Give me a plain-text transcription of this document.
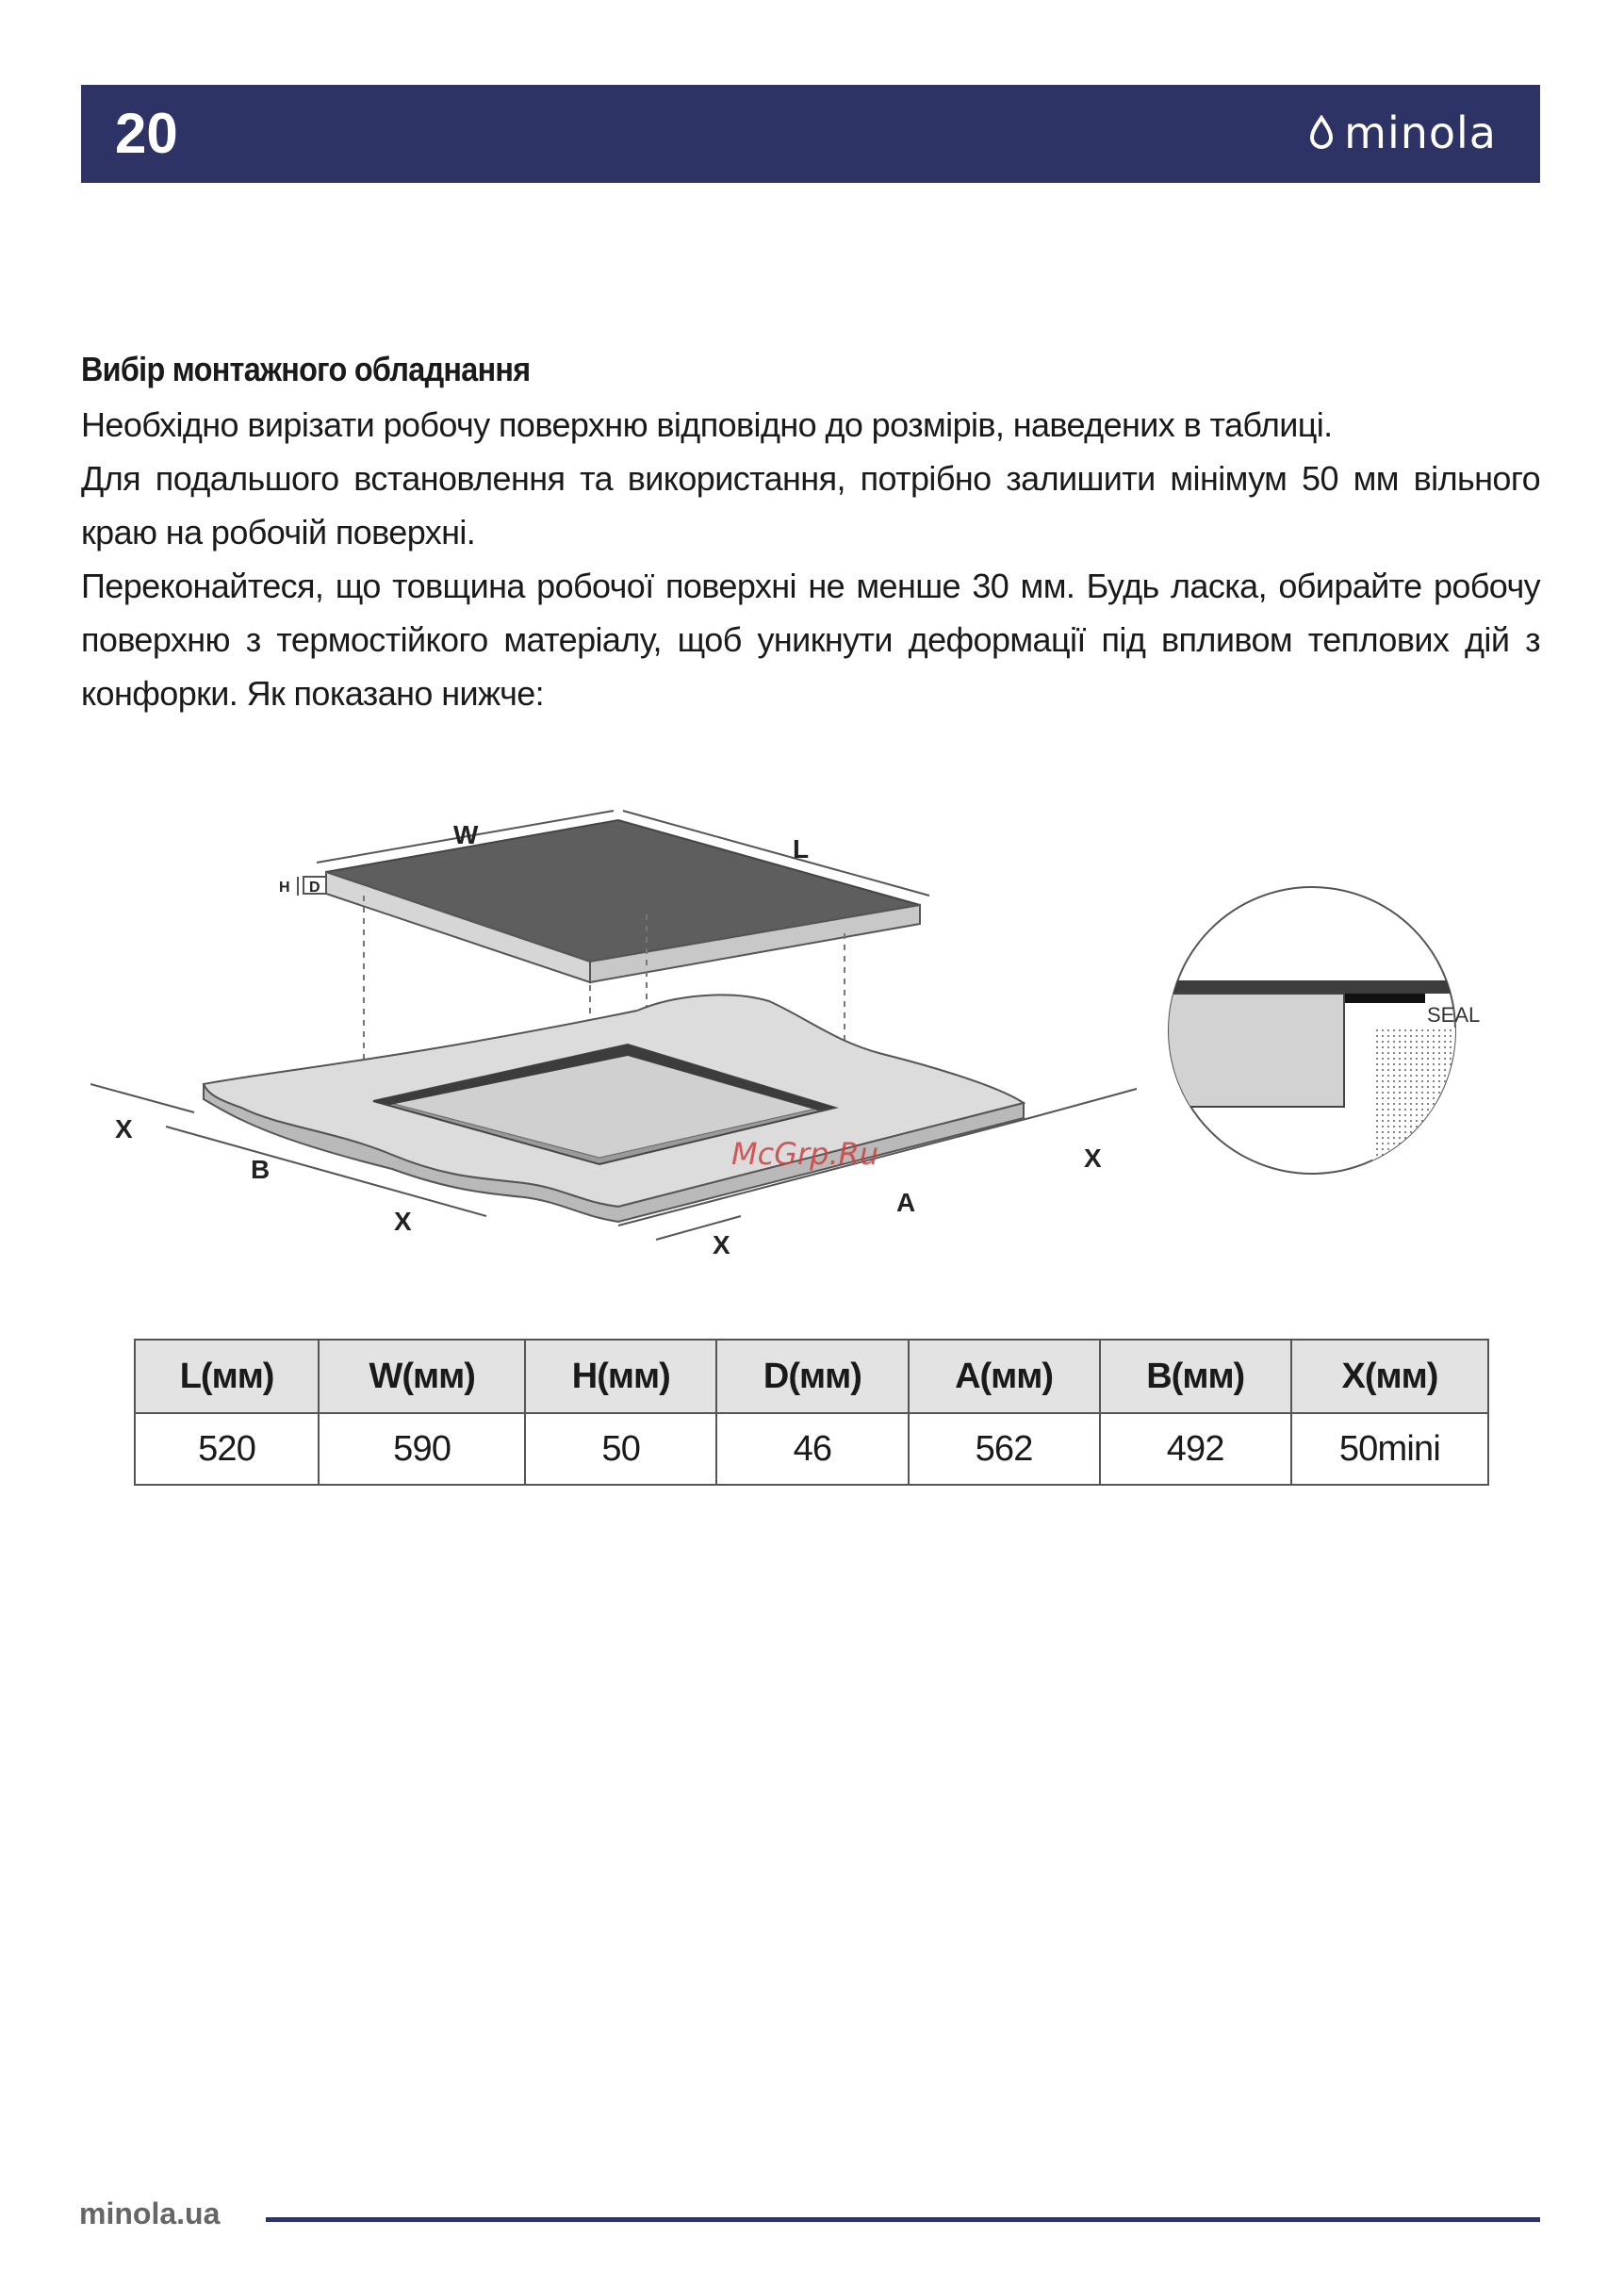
20	minola
Вибір монтажного обладнання

Необхідно вирізати робочу поверхню відповідно до розмірів, наведених в таблиці.

Для подальшого встановлення та використання, потрібно залишити мінімум 50 мм вільного краю на робочій поверхні.

Переконайтеся, що товщина робочої поверхні не менше 30 мм. Будь ласка, обирайте робочу поверхню з термостійкого матеріалу, щоб уникнути деформації під впливом теплових дій з конфорки. Як показано нижче:

W	L
H D
X
B
X
X
A
X
McGrp.Ru
SEAL
L(мм)	W(мм)	H(мм)	D(мм)	A(мм)	B(мм)	X(мм)
520	590	50	46	562	492	50mini
minola.ua
